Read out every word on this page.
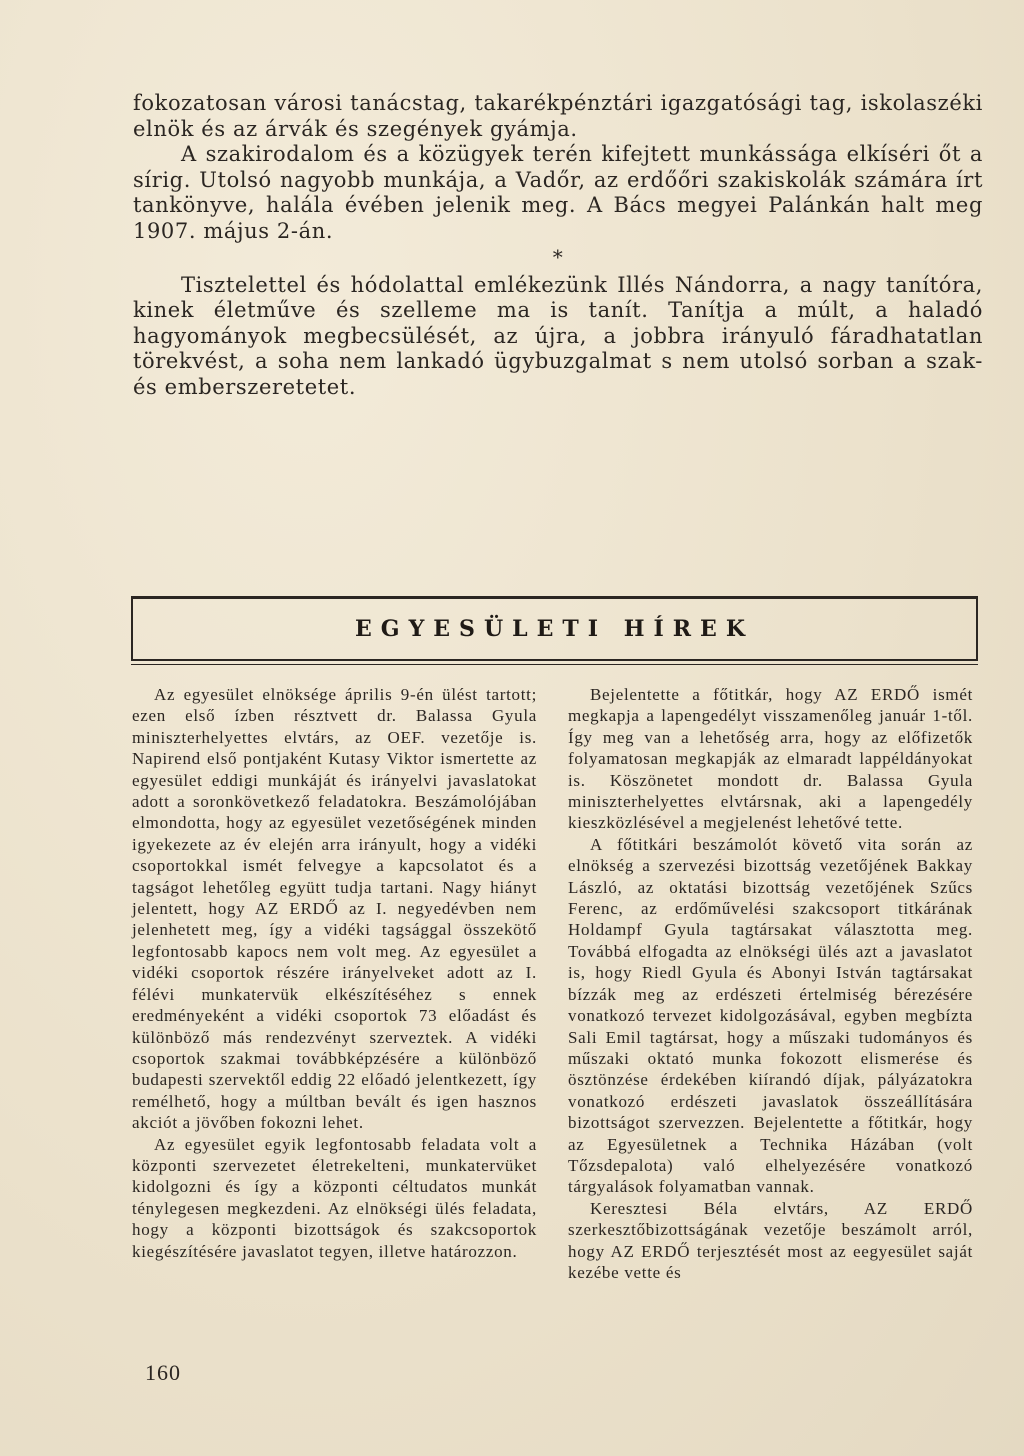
fokozatosan városi tanácstag, takarékpénztári igazgatósági tag, iskolaszéki elnök és az árvák és szegények gyámja.

A szakirodalom és a közügyek terén kifejtett munkássága elkíséri őt a sírig. Utolsó nagyobb munkája, a Vadőr, az erdőőri szakiskolák számára írt tankönyve, halála évében jelenik meg. A Bács megyei Palánkán halt meg 1907. május 2-án.

*

Tisztelettel és hódolattal emlékezünk Illés Nándorra, a nagy tanítóra, kinek életműve és szelleme ma is tanít. Tanítja a múlt, a haladó hagyományok megbecsülését, az újra, a jobbra irányuló fáradhatatlan törekvést, a soha nem lankadó ügybuzgalmat s nem utolsó sorban a szak- és emberszeretetet.

EGYESÜLETI HÍREK

Az egyesület elnöksége április 9-én ülést tartott; ezen első ízben résztvett dr. Balassa Gyula miniszterhelyettes elvtárs, az OEF. vezetője is. Napirend első pontjaként Kutasy Viktor ismertette az egyesület eddigi munkáját és irányelvi javaslatokat adott a soronkövetkező feladatokra. Beszámolójában elmondotta, hogy az egyesület vezetőségének minden igyekezete az év elején arra irányult, hogy a vidéki csoportokkal ismét felvegye a kapcsolatot és a tagságot lehetőleg együtt tudja tartani. Nagy hiányt jelentett, hogy AZ ERDŐ az I. negyedévben nem jelenhetett meg, így a vidéki tagsággal összekötő legfontosabb kapocs nem volt meg. Az egyesület a vidéki csoportok részére irányelveket adott az I. félévi munkatervük elkészítéséhez s ennek eredményeként a vidéki csoportok 73 előadást és különböző más rendezvényt szerveztek. A vidéki csoportok szakmai továbbképzésére a különböző budapesti szervektől eddig 22 előadó jelentkezett, így remélhető, hogy a múltban bevált és igen hasznos akciót a jövőben fokozni lehet.

Az egyesület egyik legfontosabb feladata volt a központi szervezetet életrekelteni, munkatervüket kidolgozni és így a központi céltudatos munkát ténylegesen megkezdeni. Az elnökségi ülés feladata, hogy a központi bizottságok és szakcsoportok kiegészítésére javaslatot tegyen, illetve határozzon.

Bejelentette a főtitkár, hogy AZ ERDŐ ismét megkapja a lapengedélyt visszamenőleg január 1-től. Így meg van a lehetőség arra, hogy az előfizetők folyamatosan megkapják az elmaradt lappéldányokat is. Köszönetet mondott dr. Balassa Gyula miniszterhelyettes elvtársnak, aki a lapengedély kieszközlésével a megjelenést lehetővé tette.

A főtitkári beszámolót követő vita során az elnökség a szervezési bizottság vezetőjének Bakkay László, az oktatási bizottság vezetőjének Szűcs Ferenc, az erdőművelési szakcsoport titkárának Holdampf Gyula tagtársakat választotta meg. Továbbá elfogadta az elnökségi ülés azt a javaslatot is, hogy Riedl Gyula és Abonyi István tagtársakat bízzák meg az erdészeti értelmiség bérezésére vonatkozó tervezet kidolgozásával, egyben megbízta Sali Emil tagtársat, hogy a műszaki tudományos és műszaki oktató munka fokozott elismerése és ösztönzése érdekében kiírandó díjak, pályázatokra vonatkozó erdészeti javaslatok összeállítására bizottságot szervezzen. Bejelentette a főtitkár, hogy az Egyesületnek a Technika Házában (volt Tőzsdepalota) való elhelyezésére vonatkozó tárgyalások folyamatban vannak.

Keresztesi Béla elvtárs, AZ ERDŐ szerkesztőbizottságának vezetője beszámolt arról, hogy AZ ERDŐ terjesztését most az eegyesület saját kezébe vette és

160
